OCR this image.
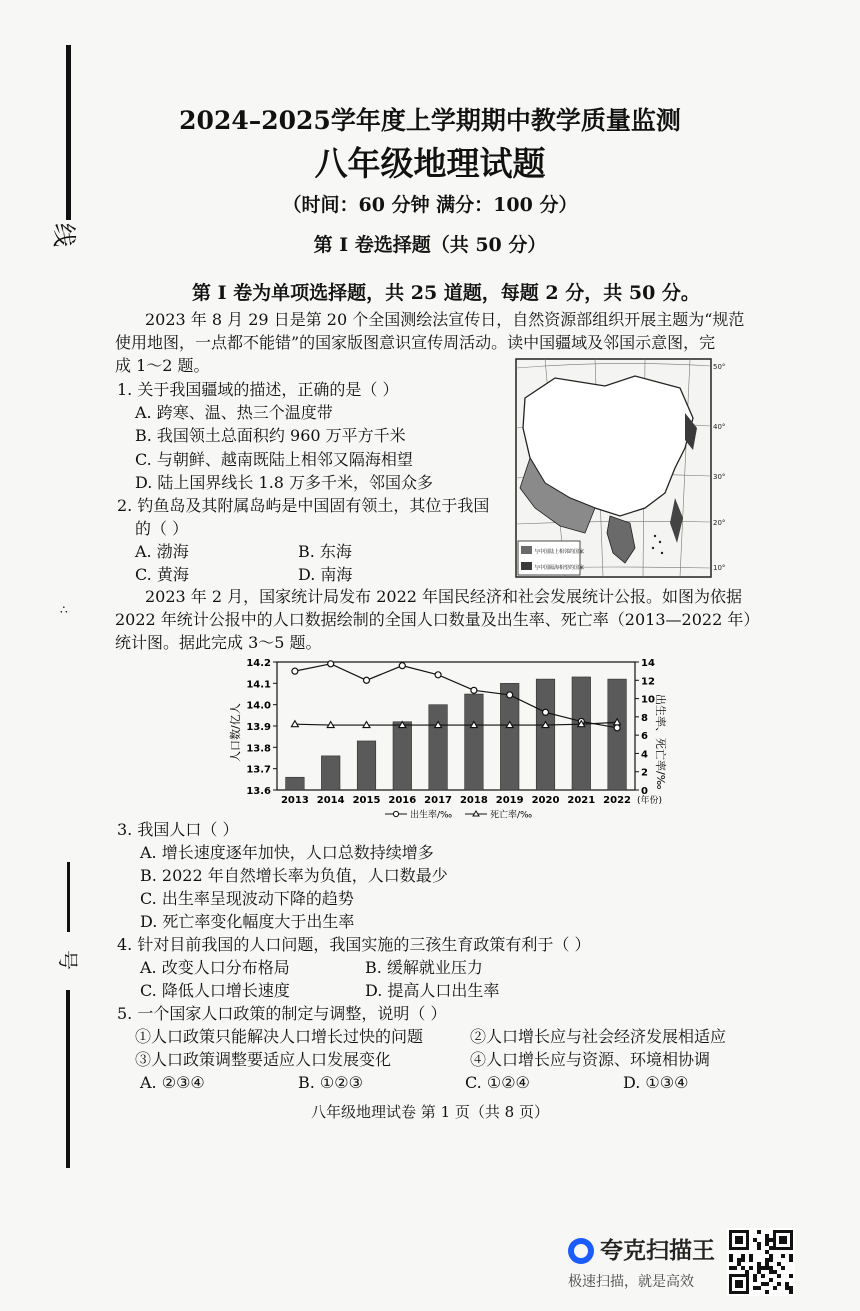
线
∴
号
2024–2025学年度上学期期中教学质量监测
八年级地理试题
（时间：60 分钟 满分：100 分）
第 I 卷选择题（共 50 分）
第 I 卷为单项选择题，共 25 道题，每题 2 分，共 50 分。
2023 年 8 月 29 日是第 20 个全国测绘法宣传日，自然资源部组织开展主题为“规范
使用地图，一点都不能错”的国家版图意识宣传周活动。读中国疆域及邻国示意图，完
成 1～2 题。
1. 关于我国疆域的描述，正确的是（ ）
A. 跨寒、温、热三个温度带
B. 我国领土总面积约 960 万平方千米
C. 与朝鲜、越南既陆上相邻又隔海相望
D. 陆上国界线长 1.8 万多千米，邻国众多
2. 钓鱼岛及其附属岛屿是中国固有领土，其位于我国
的（ ）
A. 渤海	B. 东海
C. 黄海	D. 南海
与中国陆上相邻的国家
与中国隔海相望的国家
50°
40°
30°
20°
10°
2023 年 2 月，国家统计局发布 2022 年国民经济和社会发展统计公报。如图为依据
2022 年统计公报中的人口数据绘制的全国人口数量及出生率、死亡率（2013—2022 年）
统计图。据此完成 3～5 题。
人口数/亿人	出生率、死亡率/‰
13.6
13.7
13.8
13.9
14.0
14.1
14.2
0
2
4
6
8
10
12
14
2013 2014 2015 2016 2017 2018 2019 2020 2021 2022 (年份)
出生率/‰	死亡率/‰
3. 我国人口（ ）
A. 增长速度逐年加快，人口总数持续增多
B. 2022 年自然增长率为负值，人口数最少
C. 出生率呈现波动下降的趋势
D. 死亡率变化幅度大于出生率
4. 针对目前我国的人口问题，我国实施的三孩生育政策有利于（ ）
A. 改变人口分布格局	B. 缓解就业压力
C. 降低人口增长速度	D. 提高人口出生率
5. 一个国家人口政策的制定与调整，说明（ ）
①人口政策只能解决人口增长过快的问题	②人口增长应与社会经济发展相适应
③人口政策调整要适应人口发展变化	④人口增长应与资源、环境相协调
A. ②③④	B. ①②③	C. ①②④	D. ①③④
八年级地理试卷 第 1 页（共 8 页）
夸克扫描王
极速扫描，就是高效
